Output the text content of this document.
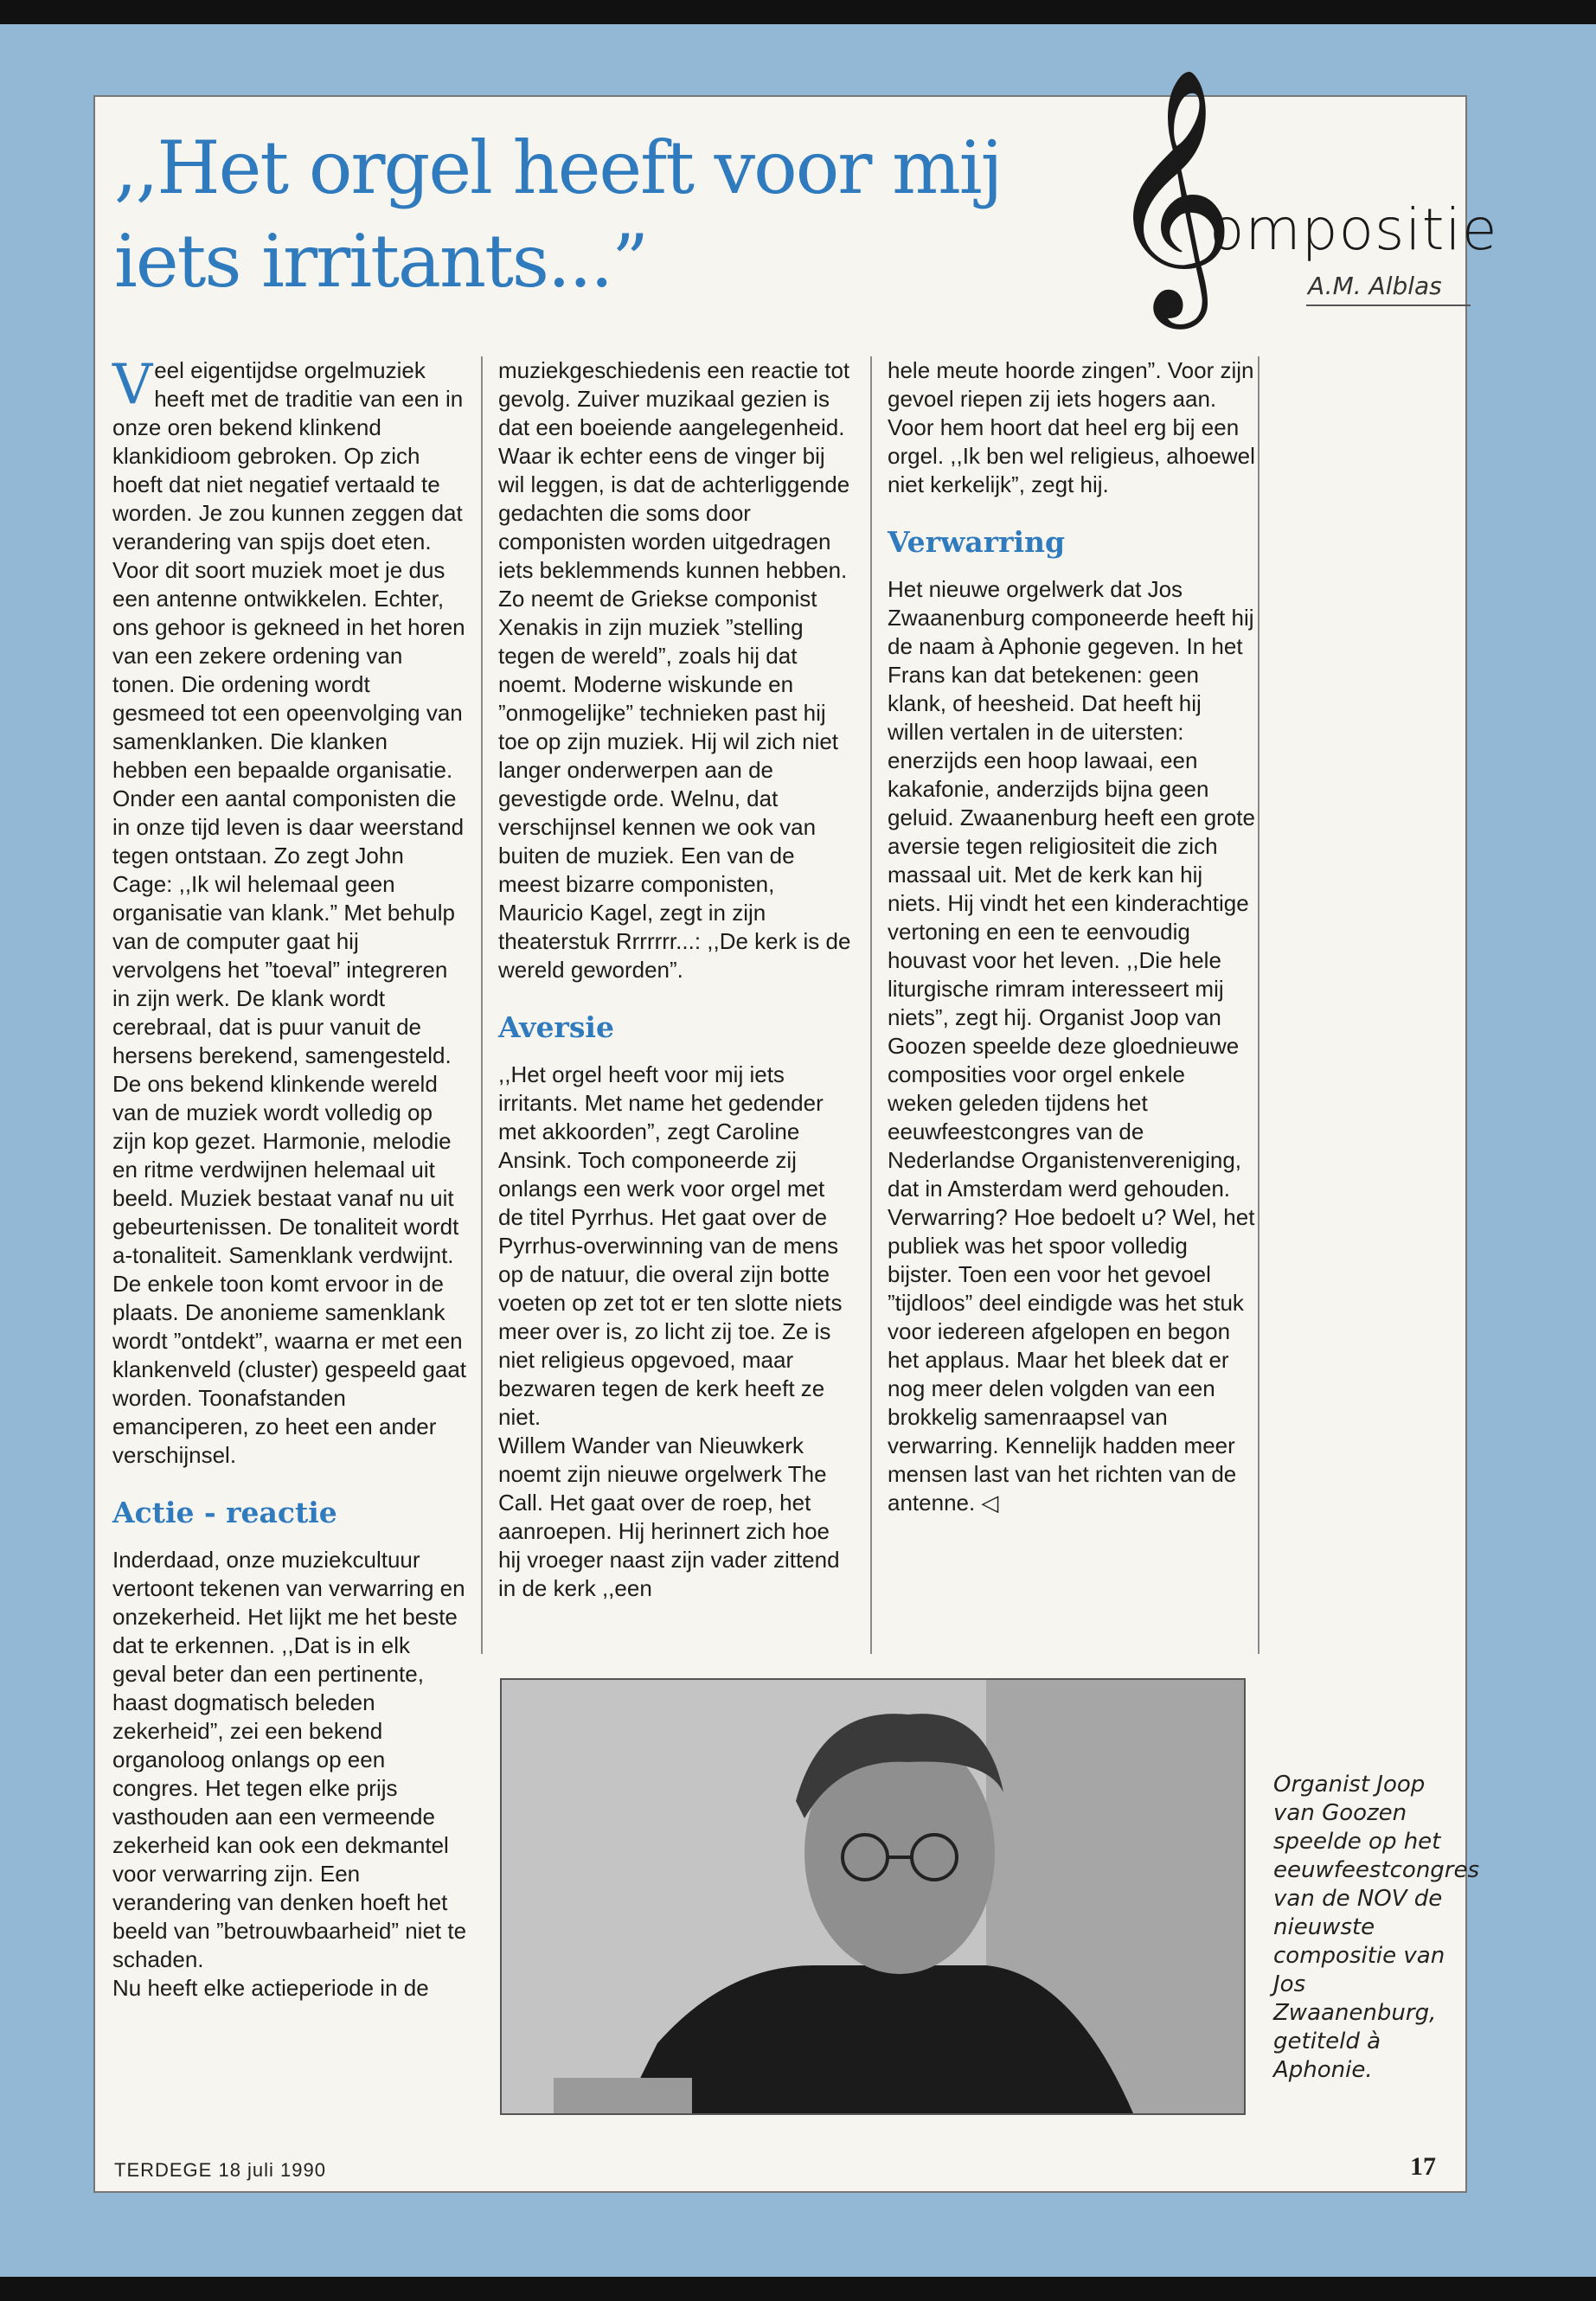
,,Het orgel heeft voor mij
iets irritants...”	𝄞
ompositie
A.M. Alblas

Veel eigentijdse orgelmuziek heeft met de traditie van een in onze oren bekend klinkend klankidioom gebroken. Op zich hoeft dat niet negatief vertaald te worden. Je zou kunnen zeggen dat verandering van spijs doet eten. Voor dit soort muziek moet je dus een antenne ontwikkelen. Echter, ons gehoor is gekneed in het horen van een zekere ordening van tonen. Die ordening wordt gesmeed tot een opeenvolging van samenklanken. Die klanken hebben een bepaalde organisatie. Onder een aantal componisten die in onze tijd leven is daar weerstand tegen ontstaan. Zo zegt John Cage: ,,Ik wil helemaal geen organisatie van klank.” Met behulp van de computer gaat hij vervolgens het ”toeval” integreren in zijn werk. De klank wordt cerebraal, dat is puur vanuit de hersens berekend, samengesteld. De ons bekend klinkende wereld van de muziek wordt volledig op zijn kop gezet. Harmonie, melodie en ritme verdwijnen helemaal uit beeld. Muziek bestaat vanaf nu uit gebeurtenissen. De tonaliteit wordt a-tonaliteit. Samenklank verdwijnt. De enkele toon komt ervoor in de plaats. De anonieme samenklank wordt ”ontdekt”, waarna er met een klankenveld (cluster) gespeeld gaat worden. Toonafstanden emanciperen, zo heet een ander verschijnsel.

Actie - reactie

Inderdaad, onze muziekcultuur vertoont tekenen van verwarring en onzekerheid. Het lijkt me het beste dat te erkennen. ,,Dat is in elk geval beter dan een pertinente, haast dogmatisch beleden zekerheid”, zei een bekend organoloog onlangs op een congres. Het tegen elke prijs vasthouden aan een vermeende zekerheid kan ook een dekmantel voor verwarring zijn. Een verandering van denken hoeft het beeld van ”betrouwbaarheid” niet te schaden.

Nu heeft elke actieperiode in de

muziekgeschiedenis een reactie tot gevolg. Zuiver muzikaal gezien is dat een boeiende aangelegenheid. Waar ik echter eens de vinger bij wil leggen, is dat de achterliggende gedachten die soms door componisten worden uitgedragen iets beklemmends kunnen hebben. Zo neemt de Griekse componist Xenakis in zijn muziek ”stelling tegen de wereld”, zoals hij dat noemt. Moderne wiskunde en ”onmogelijke” technieken past hij toe op zijn muziek. Hij wil zich niet langer onderwerpen aan de gevestigde orde. Welnu, dat verschijnsel kennen we ook van buiten de muziek. Een van de meest bizarre componisten, Mauricio Kagel, zegt in zijn theaterstuk Rrrrrrr...: ,,De kerk is de wereld geworden”.

Aversie

,,Het orgel heeft voor mij iets irritants. Met name het gedender met akkoorden”, zegt Caroline Ansink. Toch componeerde zij onlangs een werk voor orgel met de titel Pyrrhus. Het gaat over de Pyrrhus-overwinning van de mens op de natuur, die overal zijn botte voeten op zet tot er ten slotte niets meer over is, zo licht zij toe. Ze is niet religieus opgevoed, maar bezwaren tegen de kerk heeft ze niet.

Willem Wander van Nieuwkerk noemt zijn nieuwe orgelwerk The Call. Het gaat over de roep, het aanroepen. Hij herinnert zich hoe hij vroeger naast zijn vader zittend in de kerk ,,een

hele meute hoorde zingen”. Voor zijn gevoel riepen zij iets hogers aan. Voor hem hoort dat heel erg bij een orgel. ,,Ik ben wel religieus, alhoewel niet kerkelijk”, zegt hij.

Verwarring

Het nieuwe orgelwerk dat Jos Zwaanenburg componeerde heeft hij de naam à Aphonie gegeven. In het Frans kan dat betekenen: geen klank, of heesheid. Dat heeft hij willen vertalen in de uitersten: enerzijds een hoop lawaai, een kakafonie, anderzijds bijna geen geluid. Zwaanenburg heeft een grote aversie tegen religiositeit die zich massaal uit. Met de kerk kan hij niets. Hij vindt het een kinderachtige vertoning en een te eenvoudig houvast voor het leven. ,,Die hele liturgische rimram interesseert mij niets”, zegt hij. Organist Joop van Goozen speelde deze gloednieuwe composities voor orgel enkele weken geleden tijdens het eeuwfeestcongres van de Nederlandse Organistenvereniging, dat in Amsterdam werd gehouden.

Verwarring? Hoe bedoelt u? Wel, het publiek was het spoor volledig bijster. Toen een voor het gevoel ”tijdloos” deel eindigde was het stuk voor iedereen afgelopen en begon het applaus. Maar het bleek dat er nog meer delen volgden van een brokkelig samenraapsel van verwarring. Kennelijk hadden meer mensen last van het richten van de antenne. ◁

Organist Joop van Goozen speelde op het eeuwfeestcongres van de NOV de nieuwste compositie van Jos Zwaanenburg, getiteld à Aphonie.
TERDEGE 18 juli 1990	17
